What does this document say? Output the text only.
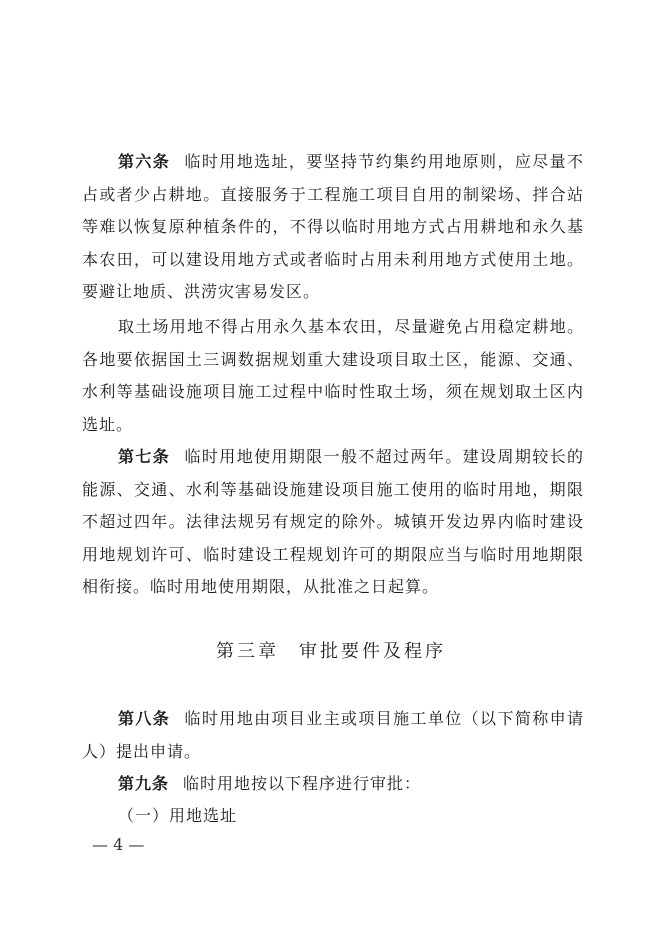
第六条 临时用地选址，要坚持节约集约用地原则，应尽量不占或者少占耕地。直接服务于工程施工项目自用的制梁场、拌合站等难以恢复原种植条件的，不得以临时用地方式占用耕地和永久基本农田，可以建设用地方式或者临时占用未利用地方式使用土地。要避让地质、洪涝灾害易发区。

取土场用地不得占用永久基本农田，尽量避免占用稳定耕地。各地要依据国土三调数据规划重大建设项目取土区，能源、交通、水利等基础设施项目施工过程中临时性取土场，须在规划取土区内选址。

第七条 临时用地使用期限一般不超过两年。建设周期较长的能源、交通、水利等基础设施建设项目施工使用的临时用地，期限不超过四年。法律法规另有规定的除外。城镇开发边界内临时建设用地规划许可、临时建设工程规划许可的期限应当与临时用地期限相衔接。临时用地使用期限，从批准之日起算。

第三章 审批要件及程序

第八条 临时用地由项目业主或项目施工单位（以下简称申请人）提出申请。

第九条 临时用地按以下程序进行审批：

（一）用地选址

— 4 —
